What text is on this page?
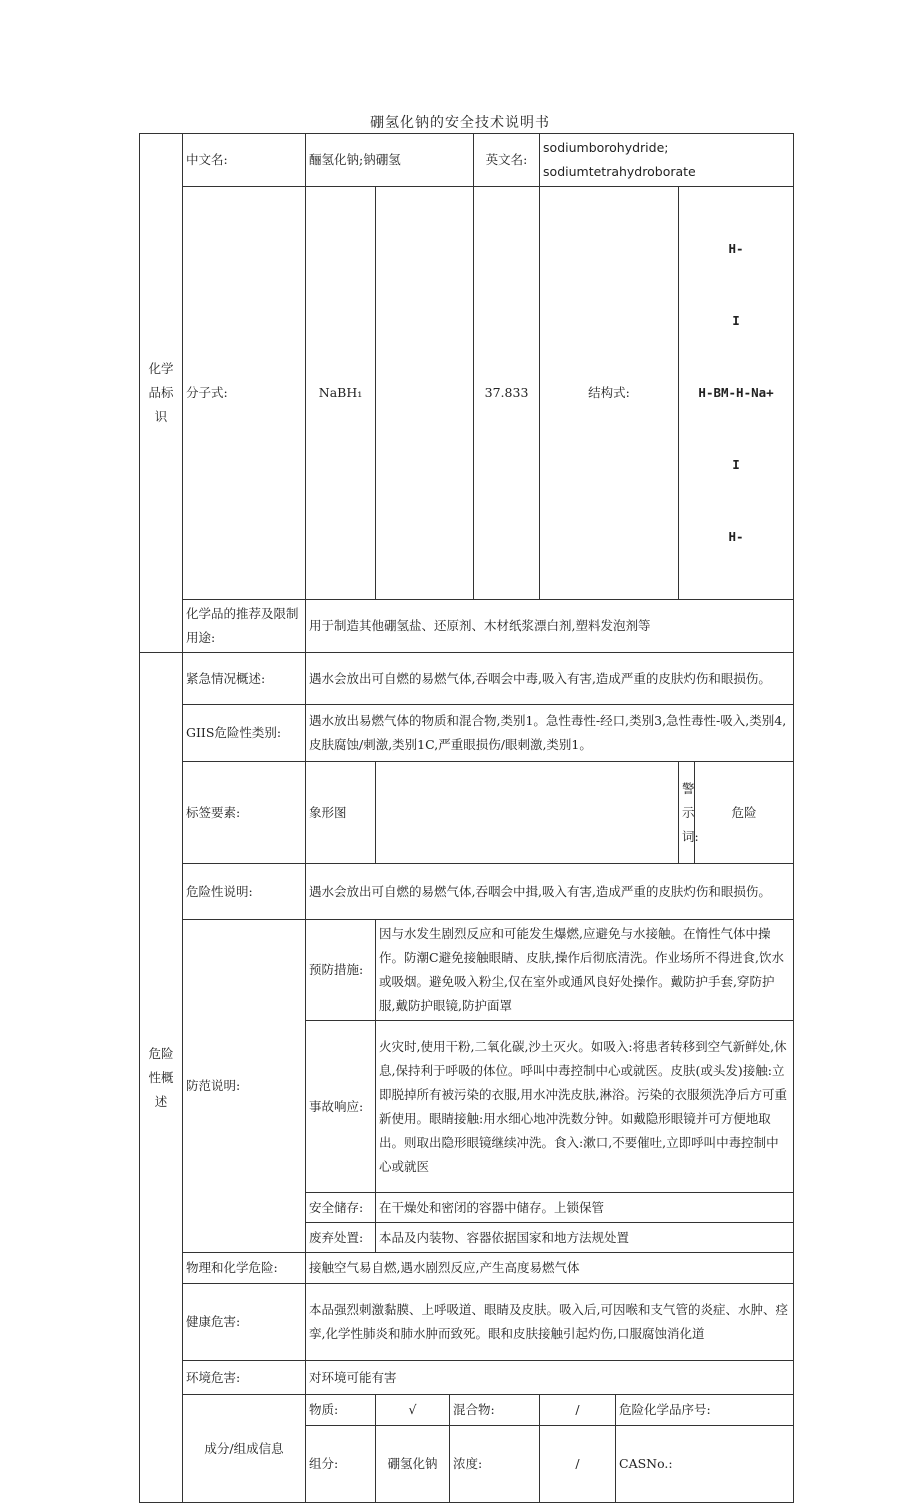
硼氢化钠的安全技术说明书
化学品标识	中文名:	酾氢化钠;钠硼氢			英文名:	sodiumborohydride;
sodiumtetrahydroborate				

	分子式:	NaBH₁			37.833	结构式:		H-

I

H-BM-H-Na+

I

H-		

	化学品的推荐及限制用途:	用于制造其他硼氢盐、还原剂、木材纸浆漂白剂,塑料发泡剂等								
危险性概述	紧急情况概述:	遇水会放出可自燃的易燃气体,吞咽会中毒,吸入有害,造成严重的皮肤灼伤和眼损伤。								
	GIIS危险性类别:	遇水放出易燃气体的物质和混合物,类别1。急性毒性-经口,类别3,急性毒性-吸入,类别4,皮肤腐蚀/刺激,类别1C,严重眼损伤/眼刺激,类别1。								
	标签要素:	象形图						警示词:	危险	
	危险性说明:	遇水会放出可自燃的易燃气体,吞咽会中揖,吸入有害,造成严重的皮肤灼伤和眼损伤。								
	防范说明:	预防措施:	因与水发生剧烈反应和可能发生爆燃,应避免与水接触。在惰性气体中操作。防潮C避免接触眼睛、皮肤,操作后彻底清洗。作业场所不得进食,饮水或吸烟。避免吸入粉尘,仅在室外或通风良好处操作。戴防护手套,穿防护服,戴防护眼镜,防护面罩							
		事故响应:	火灾时,使用干粉,二氧化碳,沙土灭火。如吸入:将患者转移到空气新鲜处,休息,保持利于呼吸的体位。呼叫中毒控制中心或就医。皮肤(或头发)接触:立即脱掉所有被污染的衣服,用水冲洗皮肤,淋浴。污染的衣服须洗净后方可重新使用。眼睛接触:用水细心地冲洗数分钟。如戴隐形眼镜并可方便地取出。则取出隐形眼镜继续冲洗。食入:漱口,不要催吐,立即呼叫中毒控制中心或就医							
		安全储存:	在干燥处和密闭的容器中储存。上锁保管							
		废弃处置:	本品及内装物、容器依据国家和地方法规处置							
	物理和化学危险:	接触空气易自燃,遇水剧烈反应,产生高度易燃气体								
	健康危害:	本品强烈刺激黏膜、上呼吸道、眼睛及皮肤。吸入后,可因喉和支气管的炎症、水肿、痉挛,化学性肺炎和肺水肿而致死。眼和皮肤接触引起灼伤,口服腐蚀消化道								
	环境危害:	对环境可能有害								
	成分/组成信息	物质:	√	混合物:		/	危险化学品序号:	
		组分:	硼氢化钠	浓度:		/	CASNo.:	
